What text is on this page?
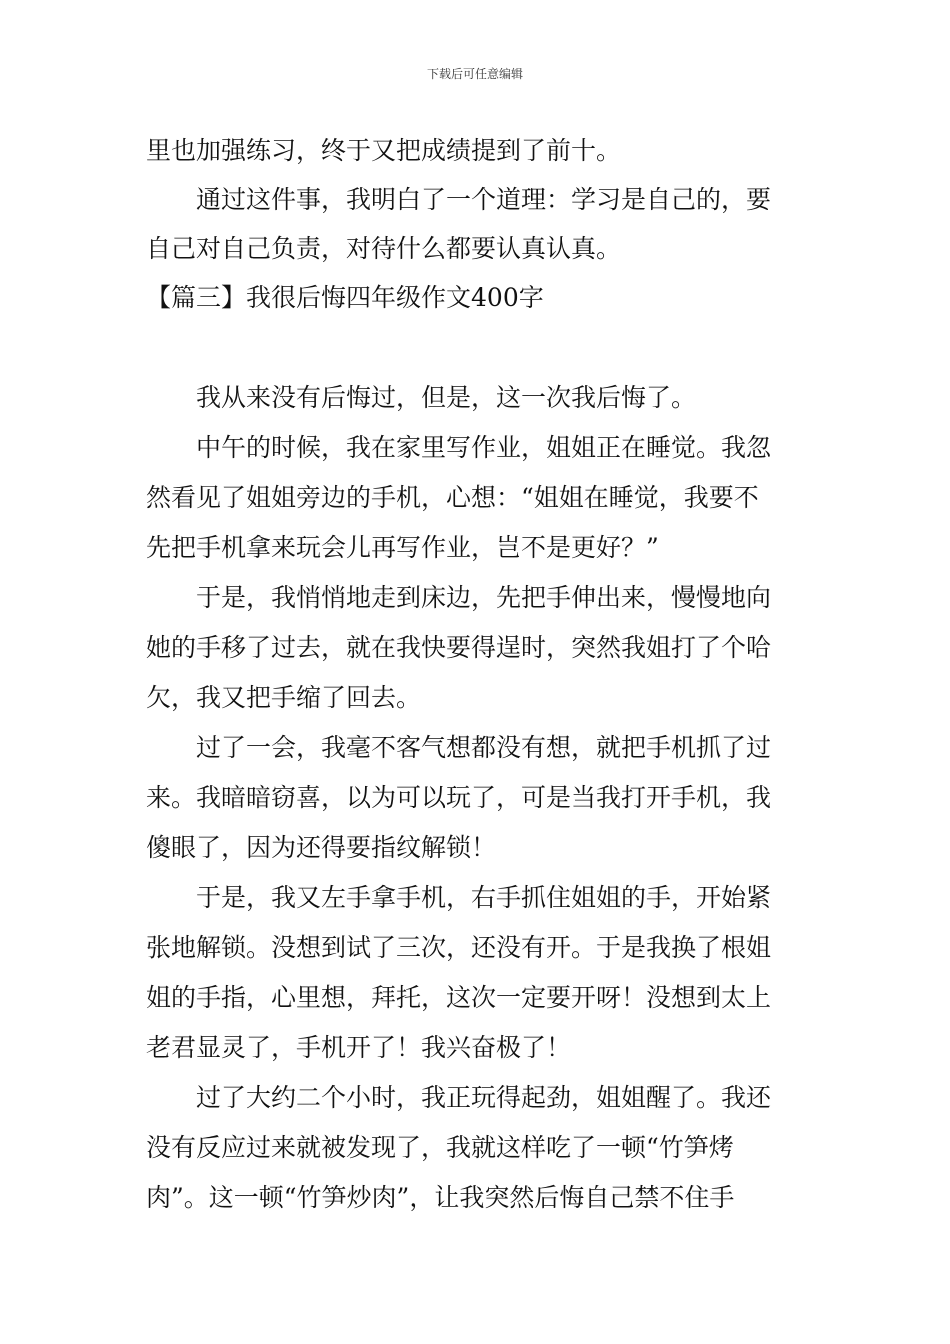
下载后可任意编辑
里也加强练习，终于又把成绩提到了前十。
通过这件事，我明白了一个道理：学习是自己的，要
自己对自己负责，对待什么都要认真认真。
【篇三】我很后悔四年级作文400字
我从来没有后悔过，但是，这一次我后悔了。
中午的时候，我在家里写作业，姐姐正在睡觉。我忽
然看见了姐姐旁边的手机，心想：“姐姐在睡觉，我要不
先把手机拿来玩会儿再写作业，岂不是更好？”
于是，我悄悄地走到床边，先把手伸出来，慢慢地向
她的手移了过去，就在我快要得逞时，突然我姐打了个哈
欠，我又把手缩了回去。
过了一会，我毫不客气想都没有想，就把手机抓了过
来。我暗暗窃喜，以为可以玩了，可是当我打开手机，我
傻眼了，因为还得要指纹解锁！
于是，我又左手拿手机，右手抓住姐姐的手，开始紧
张地解锁。没想到试了三次，还没有开。于是我换了根姐
姐的手指，心里想，拜托，这次一定要开呀！没想到太上
老君显灵了，手机开了！我兴奋极了！
过了大约二个小时，我正玩得起劲，姐姐醒了。我还
没有反应过来就被发现了，我就这样吃了一顿“竹笋烤
肉”。这一顿“竹笋炒肉”，让我突然后悔自己禁不住手
